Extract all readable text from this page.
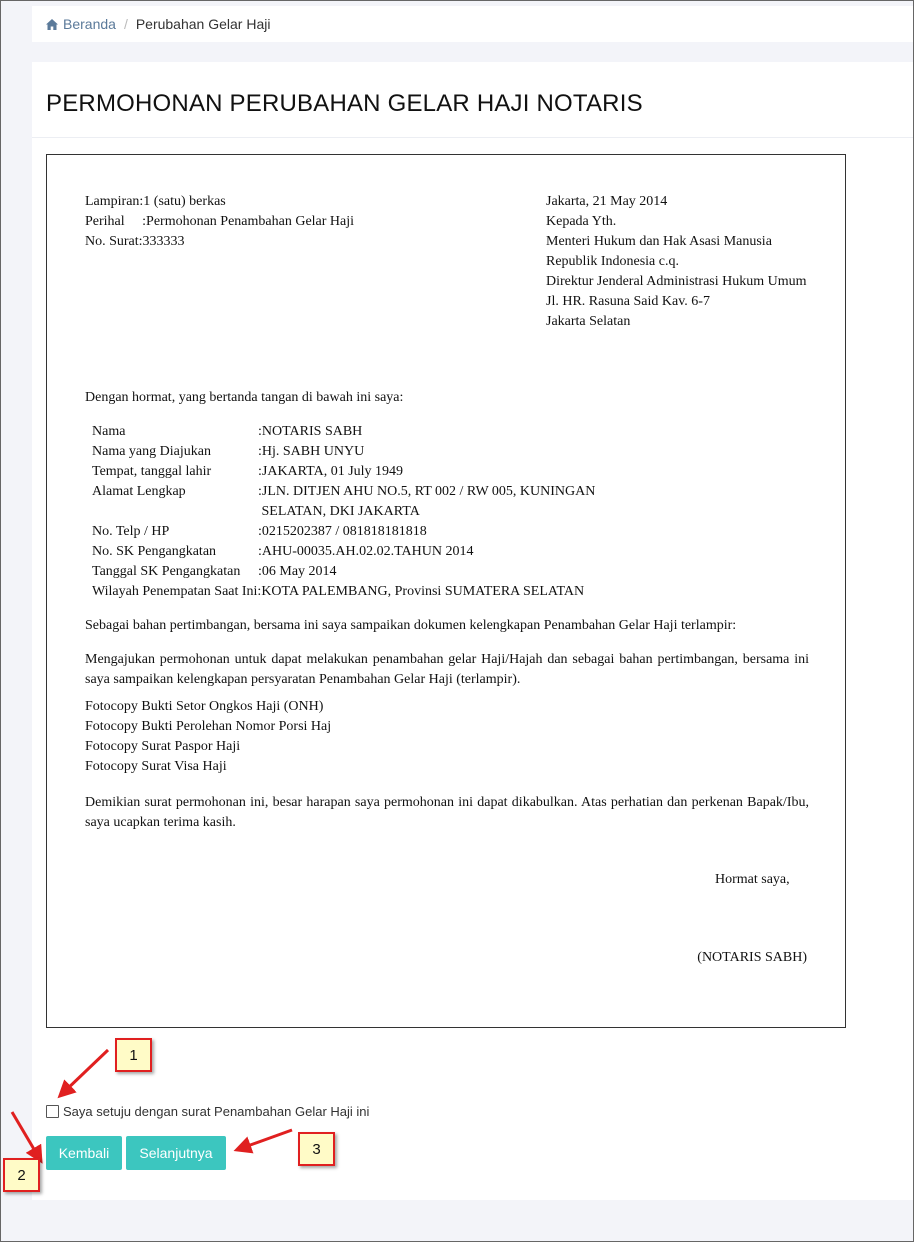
Beranda / Perubahan Gelar Haji
PERMOHONAN PERUBAHAN GELAR HAJI NOTARIS
Lampiran:1 (satu) berkas
Perihal     :Permohonan Penambahan Gelar Haji
No. Surat:333333
Jakarta, 21 May 2014
Kepada Yth.
Menteri Hukum dan Hak Asasi Manusia
Republik Indonesia c.q.
Direktur Jenderal Administrasi Hukum Umum
Jl. HR. Rasuna Said Kav. 6-7
Jakarta Selatan
Dengan hormat, yang bertanda tangan di bawah ini saya:
Nama	:NOTARIS SABH
Nama yang Diajukan	:Hj. SABH UNYU
Tempat, tanggal lahir	:JAKARTA, 01 July 1949
Alamat Lengkap	:JLN. DITJEN AHU NO.5, RT 002 / RW 005, KUNINGAN
SELATAN, DKI JAKARTA
No. Telp / HP	:0215202387 / 081818181818
No. SK Pengangkatan	:AHU-00035.AH.02.02.TAHUN 2014
Tanggal SK Pengangkatan :06 May 2014
Wilayah Penempatan Saat Ini:KOTA PALEMBANG, Provinsi SUMATERA SELATAN
Sebagai bahan pertimbangan, bersama ini saya sampaikan dokumen kelengkapan Penambahan Gelar Haji terlampir:
Mengajukan permohonan untuk dapat melakukan penambahan gelar Haji/Hajah dan sebagai bahan pertimbangan, bersama ini saya sampaikan kelengkapan persyaratan Penambahan Gelar Haji (terlampir).
Fotocopy Bukti Setor Ongkos Haji (ONH)
Fotocopy Bukti Perolehan Nomor Porsi Haj
Fotocopy Surat Paspor Haji
Fotocopy Surat Visa Haji
Demikian surat permohonan ini, besar harapan saya permohonan ini dapat dikabulkan. Atas perhatian dan perkenan Bapak/Ibu, saya ucapkan terima kasih.
Hormat saya,
(NOTARIS SABH)
Saya setuju dengan surat Penambahan Gelar Haji ini
Kembali	Selanjutnya
1
2
3
